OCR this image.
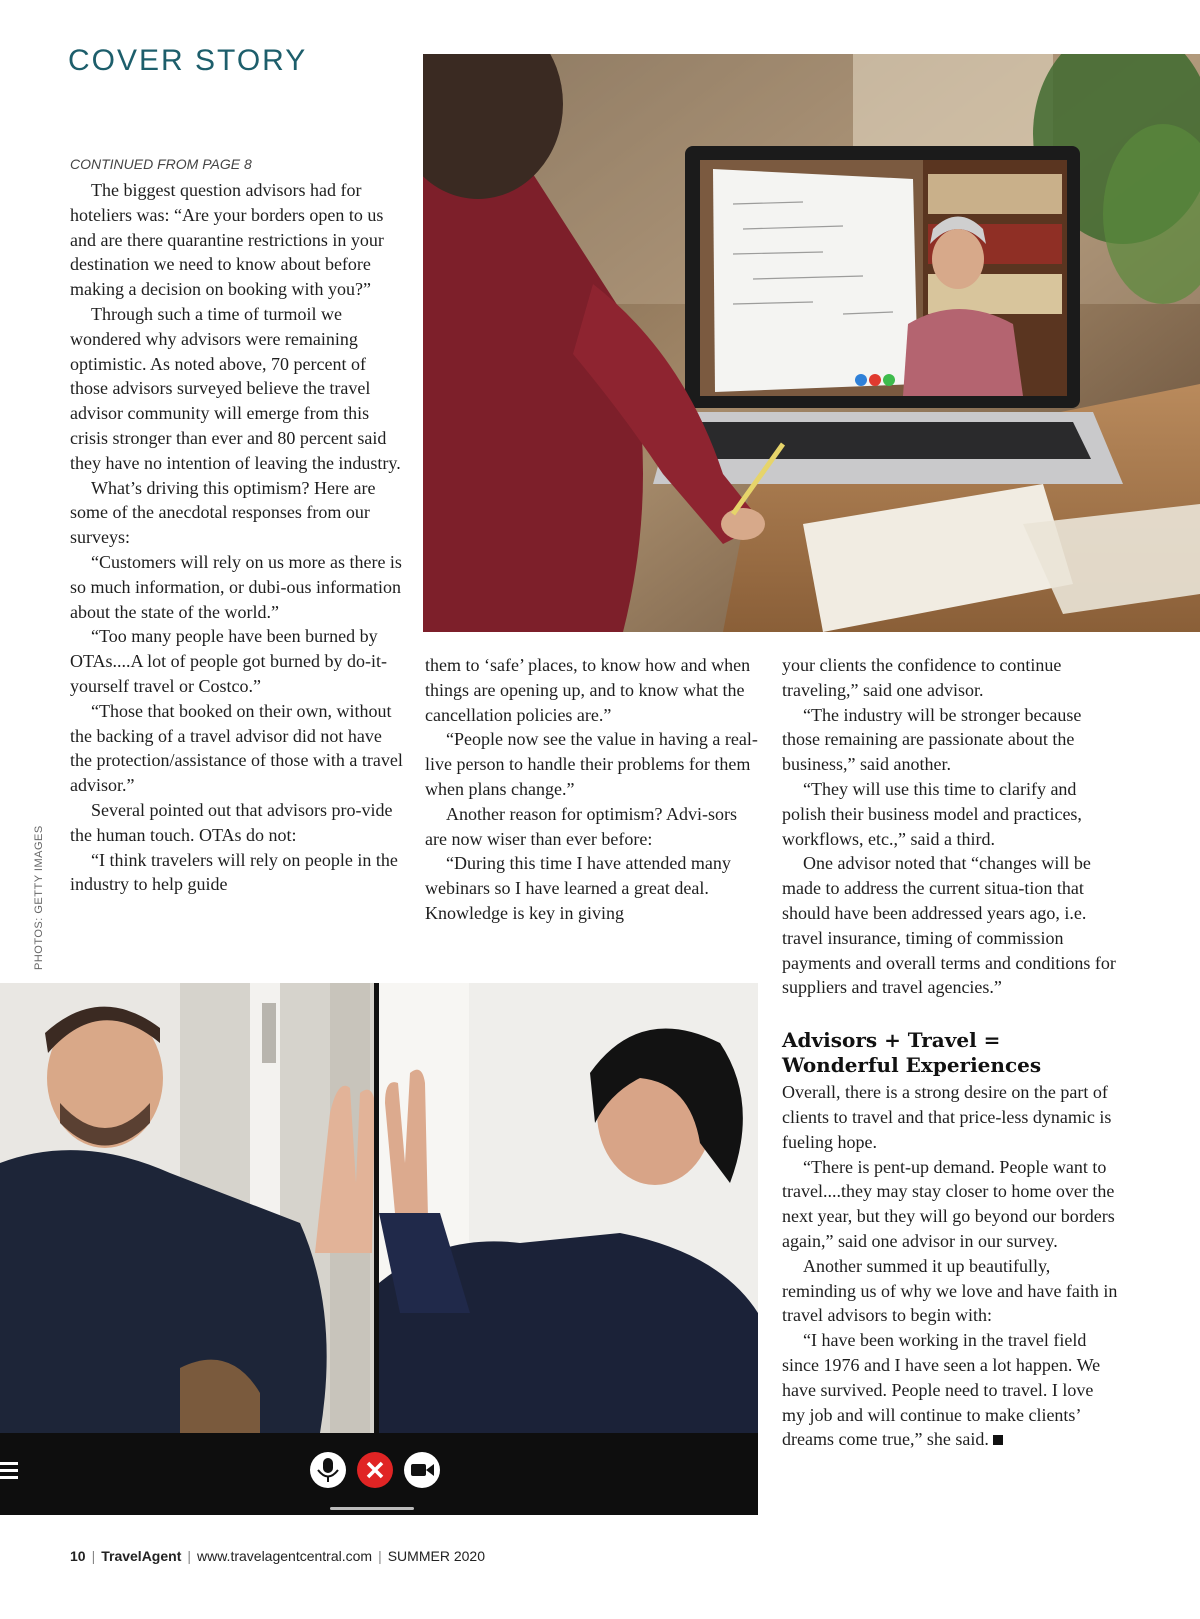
COVER STORY
CONTINUED FROM PAGE 8

The biggest question advisors had for hoteliers was: “Are your borders open to us and are there quarantine restrictions in your destination we need to know about before making a decision on booking with you?”

Through such a time of turmoil we wondered why advisors were remaining optimistic. As noted above, 70 percent of those advisors surveyed believe the travel advisor community will emerge from this crisis stronger than ever and 80 percent said they have no intention of leaving the industry.

What’s driving this optimism? Here are some of the anecdotal responses from our surveys:

“Customers will rely on us more as there is so much information, or dubi-ous information about the state of the world.”

“Too many people have been burned by OTAs....A lot of people got burned by do-it-yourself travel or Costco.”

“Those that booked on their own, without the backing of a travel advisor did not have the protection/assistance of those with a travel advisor.”

Several pointed out that advisors pro-vide the human touch. OTAs do not:

“I think travelers will rely on people in the industry to help guide

PHOTOS: GETTY IMAGES

them to ‘safe’ places, to know how and when things are opening up, and to know what the cancellation policies are.”

“People now see the value in having a real-live person to handle their problems for them when plans change.”

Another reason for optimism? Advi-sors are now wiser than ever before:

“During this time I have attended many webinars so I have learned a great deal. Knowledge is key in giving

your clients the confidence to continue traveling,” said one advisor.

“The industry will be stronger because those remaining are passionate about the business,” said another.

“They will use this time to clarify and polish their business model and practices, workflows, etc.,” said a third.

One advisor noted that “changes will be made to address the current situa-tion that should have been addressed years ago, i.e. travel insurance, timing of commission payments and overall terms and conditions for suppliers and travel agencies.”

Advisors + Travel = Wonderful Experiences

Overall, there is a strong desire on the part of clients to travel and that price-less dynamic is fueling hope.

“There is pent-up demand. People want to travel....they may stay closer to home over the next year, but they will go beyond our borders again,” said one advisor in our survey.

Another summed it up beautifully, reminding us of why we love and have faith in travel advisors to begin with:

“I have been working in the travel field since 1976 and I have seen a lot happen. We have survived. People need to travel. I love my job and will continue to make clients’ dreams come true,” she said.

10 | TravelAgent | www.travelagentcentral.com | SUMMER 2020
